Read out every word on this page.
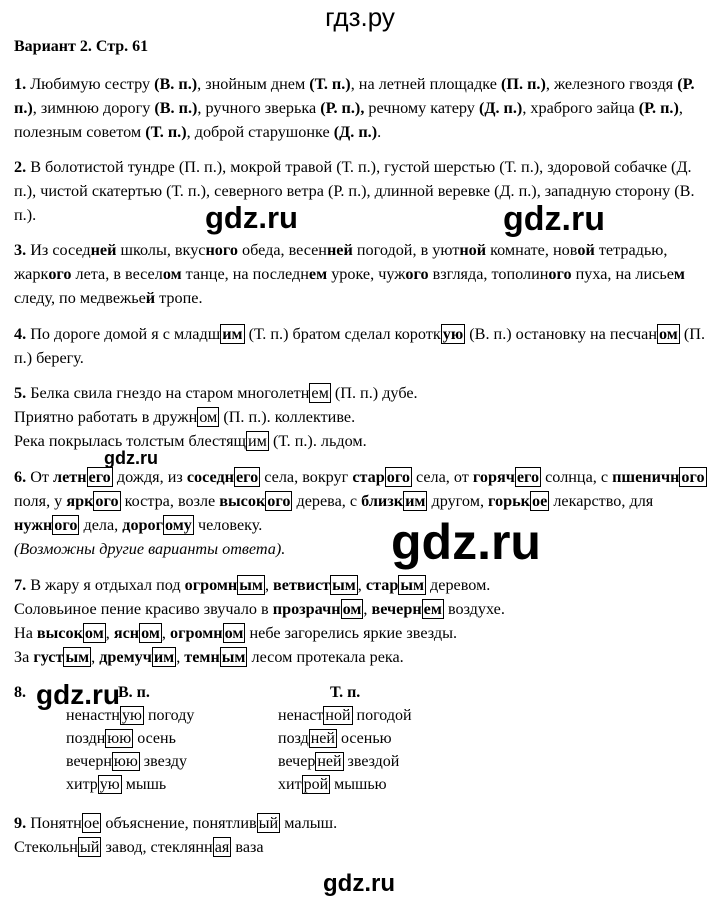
гдз.ру
Вариант 2. Стр. 61

1. Любимую сестру (В. п.), знойным днем (Т. п.), на летней площадке (П. п.), железного гвоздя (Р. п.), зимнюю дорогу (В. п.), ручного зверька (Р. п.), речному катеру (Д. п.), храброго зайца (Р. п.), полезным советом (Т. п.), доброй старушонке (Д. п.).

2. В болотистой тундре (П. п.), мокрой травой (Т. п.), густой шерстью (Т. п.), здоровой собачке (Д. п.), чистой скатертью (Т. п.), северного ветра (Р. п.), длинной веревке (Д. п.), западную сторону (В. п.).

3. Из соседней школы, вкусного обеда, весенней погодой, в уютной комнате, новой тетрадью, жаркого лета, в веселом танце, на последнем уроке, чужого взгляда, тополиного пуха, на лисьем следу, по медвежьей тропе.

4. По дороге домой я с младш им (Т. п.) братом сделал коротк ую (В. п.) остановку на песчан ом (П. п.) берегу.

5. Белка свила гнездо на старом многолетн ем (П. п.) дубе.

Приятно работать в дружн ом (П. п.). коллективе.

Река покрылась толстым блестящ им (Т. п.). льдом.

6. От летн его дождя, из соседн его села, вокруг стар ого села, от горяч его солнца, с пшеничн ого поля, у ярк ого костра, возле высок ого дерева, с близк им другом, горьк ое лекарство, для нужн ого дела, дорог ому человеку.

(Возможны другие варианты ответа).

7. В жару я отдыхал под огромн ым , ветвист ым , стар ым деревом.

Соловьиное пение красиво звучало в прозрачн ом , вечерн ем воздухе.

На высок ом , ясн ом , огромн ом небе загорелись яркие звезды.

За густ ым , дремуч им , темн ым лесом протекала река.

8.	В. п.
ненастн ую погоду
поздн юю осень
вечерн юю звезду
хитр ую мышь
Т. п.
ненаст ной погодой
позд ней осенью
вечер ней звездой
хит рой мышью

9. Понятн ое объяснение, понятлив ый малыш.

Стекольн ый завод, стеклянн ая ваза

gdz.ru	gdz.ru
gdz.ru
gdz.ru
gdz.ru
gdz.ru
